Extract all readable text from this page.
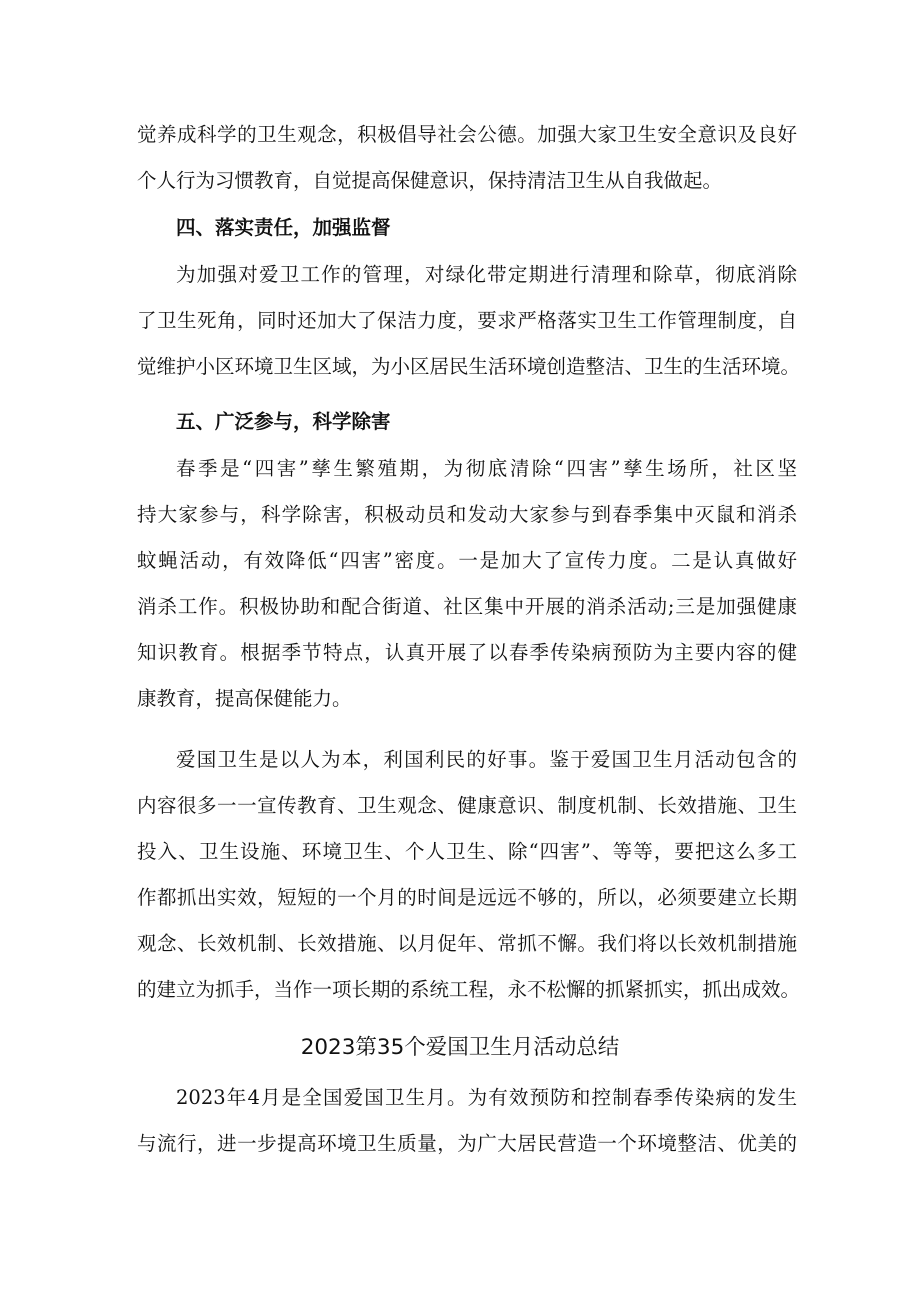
觉养成科学的卫生观念，积极倡导社会公德。加强大家卫生安全意识及良好
个人行为习惯教育，自觉提高保健意识，保持清洁卫生从自我做起。
四、落实责任，加强监督
为加强对爱卫工作的管理，对绿化带定期进行清理和除草，彻底消除
了卫生死角，同时还加大了保洁力度，要求严格落实卫生工作管理制度，自
觉维护小区环境卫生区域，为小区居民生活环境创造整洁、卫生的生活环境。
五、广泛参与，科学除害
春季是“四害”孳生繁殖期，为彻底清除“四害”孳生场所，社区坚
持大家参与，科学除害，积极动员和发动大家参与到春季集中灭鼠和消杀
蚊蝇活动，有效降低“四害”密度。一是加大了宣传力度。二是认真做好
消杀工作。积极协助和配合街道、社区集中开展的消杀活动;三是加强健康
知识教育。根据季节特点，认真开展了以春季传染病预防为主要内容的健
康教育，提高保健能力。
爱国卫生是以人为本，利国利民的好事。鉴于爱国卫生月活动包含的
内容很多一一宣传教育、卫生观念、健康意识、制度机制、长效措施、卫生
投入、卫生设施、环境卫生、个人卫生、除“四害”、等等，要把这么多工
作都抓出实效，短短的一个月的时间是远远不够的，所以，必须要建立长期
观念、长效机制、长效措施、以月促年、常抓不懈。我们将以长效机制措施
的建立为抓手，当作一项长期的系统工程，永不松懈的抓紧抓实，抓出成效。
2023第35个爱国卫生月活动总结
2023年4月是全国爱国卫生月。为有效预防和控制春季传染病的发生
与流行，进一步提高环境卫生质量，为广大居民营造一个环境整洁、优美的
